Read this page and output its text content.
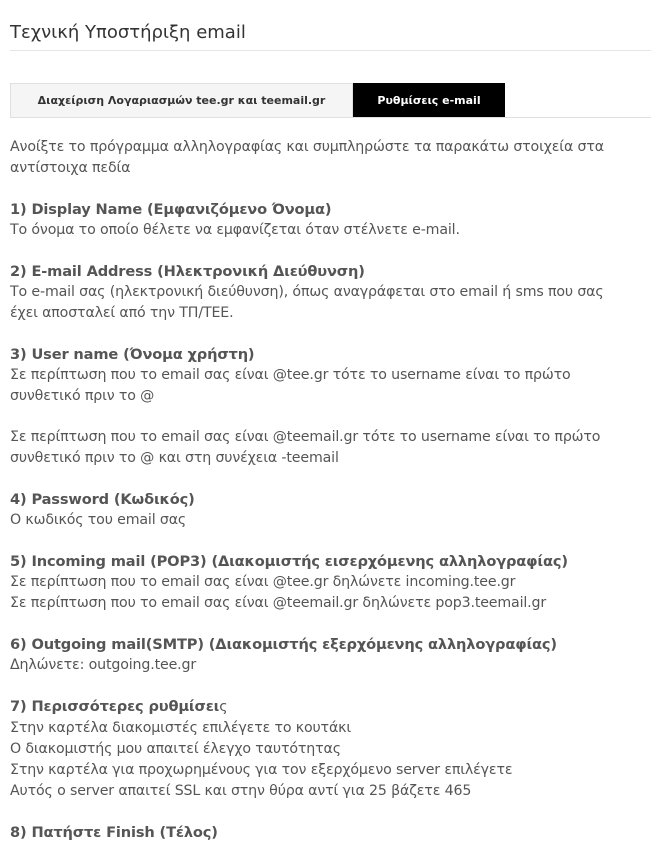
Τεχνική Υποστήριξη email
Διαχείριση Λογαριασμών tee.gr και teemail.gr	Ρυθμίσεις e-mail

Ανοίξτε το πρόγραμμα αλληλογραφίας και συμπληρώστε τα παρακάτω στοιχεία στα

αντίστοιχα πεδία

1) Display Name (Εμφανιζόμενο Όνομα)

Το όνομα το οποίο θέλετε να εμφανίζεται όταν στέλνετε e-mail.

2) E-mail Address (Ηλεκτρονική Διεύθυνση)

Το e-mail σας (ηλεκτρονική διεύθυνση), όπως αναγράφεται στο email ή sms που σας

έχει αποσταλεί από την ΤΠ/ΤΕΕ.

3) User name (Όνομα χρήστη)

Σε περίπτωση που το email σας είναι @tee.gr τότε το username είναι το πρώτο

συνθετικό πριν το @

Σε περίπτωση που το email σας είναι @teemail.gr τότε το username είναι το πρώτο

συνθετικό πριν το @ και στη συνέχεια -teemail

4) Password (Κωδικός)

Ο κωδικός του email σας

5) Incoming mail (POP3) (Διακομιστής εισερχόμενης αλληλογραφίας)

Σε περίπτωση που το email σας είναι @tee.gr δηλώνετε incoming.tee.gr

Σε περίπτωση που το email σας είναι @teemail.gr δηλώνετε pop3.teemail.gr

6) Outgoing mail(SMTP) (Διακομιστής εξερχόμενης αλληλογραφίας)

Δηλώνετε: outgoing.tee.gr

7) Περισσότερες ρυθμίσεις

Στην καρτέλα διακομιστές επιλέγετε το κουτάκι

Ο διακομιστής μου απαιτεί έλεγχο ταυτότητας

Στην καρτέλα για προχωρημένους για τον εξερχόμενο server επιλέγετε

Αυτός ο server απαιτεί SSL και στην θύρα αντί για 25 βάζετε 465

8) Πατήστε Finish (Τέλος)
